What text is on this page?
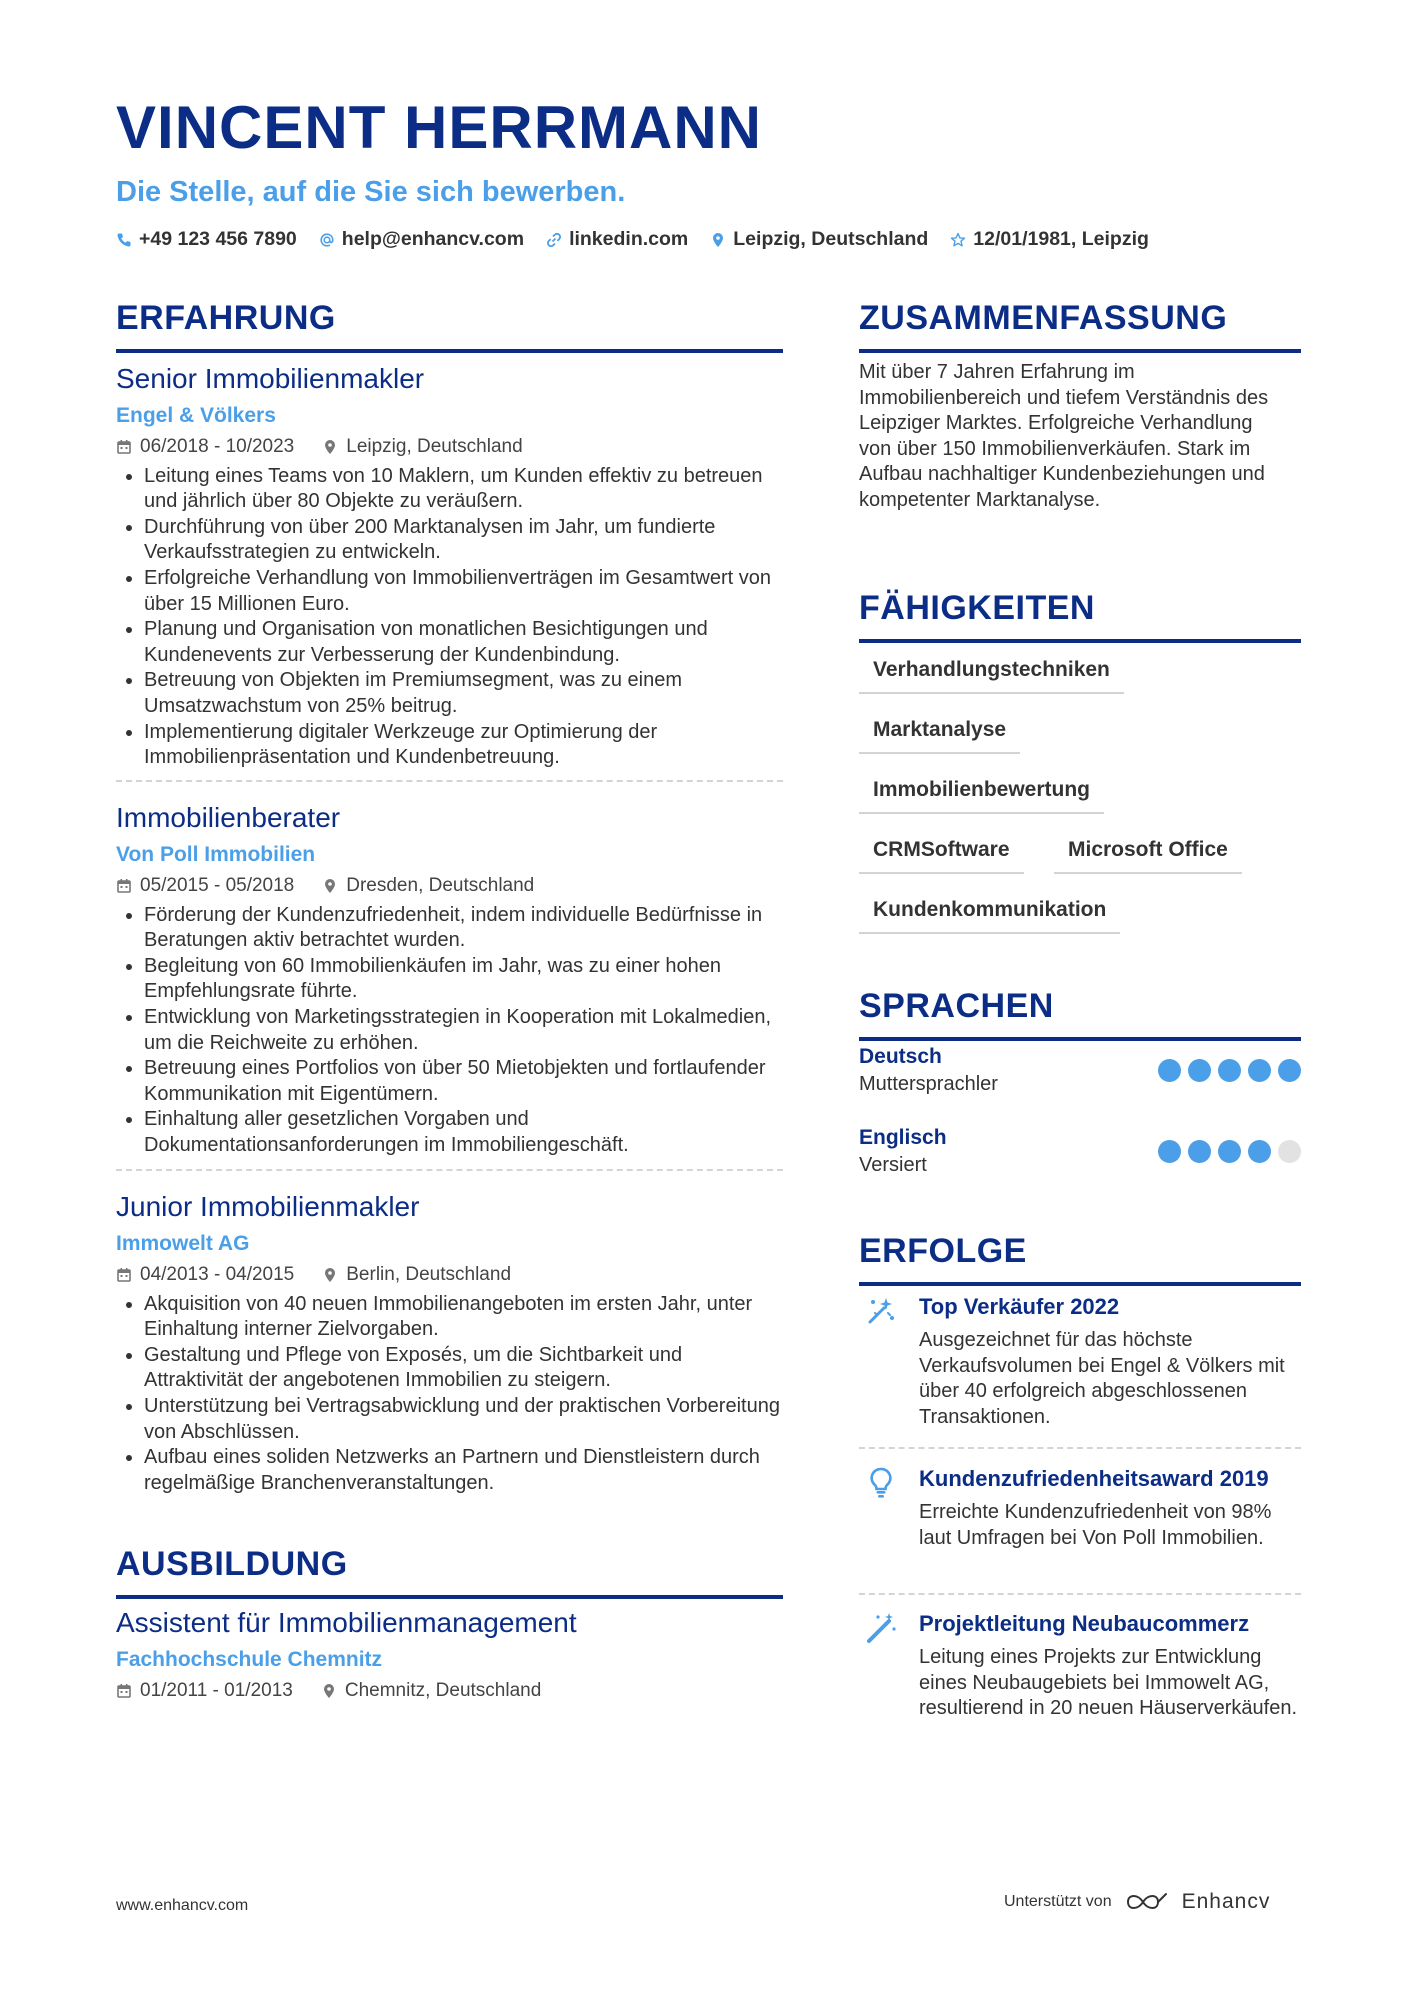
VINCENT HERRMANN
Die Stelle, auf die Sie sich bewerben.
+49 123 456 7890 help@enhancv.com linkedin.com Leipzig, Deutschland 12/01/1981, Leipzig
ERFAHRUNG
Senior Immobilienmakler
Engel & Völkers
06/2018 - 10/2023	Leipzig, Deutschland
• Leitung eines Teams von 10 Maklern, um Kunden effektiv zu betreuen und jährlich über 80 Objekte zu veräußern.
• Durchführung von über 200 Marktanalysen im Jahr, um fundierte Verkaufsstrategien zu entwickeln.
• Erfolgreiche Verhandlung von Immobilienverträgen im Gesamtwert von über 15 Millionen Euro.
• Planung und Organisation von monatlichen Besichtigungen und Kundenevents zur Verbesserung der Kundenbindung.
• Betreuung von Objekten im Premiumsegment, was zu einem Umsatzwachstum von 25% beitrug.
• Implementierung digitaler Werkzeuge zur Optimierung der Immobilienpräsentation und Kundenbetreuung.
Immobilienberater
Von Poll Immobilien
05/2015 - 05/2018	Dresden, Deutschland
• Förderung der Kundenzufriedenheit, indem individuelle Bedürfnisse in Beratungen aktiv betrachtet wurden.
• Begleitung von 60 Immobilienkäufen im Jahr, was zu einer hohen Empfehlungsrate führte.
• Entwicklung von Marketingsstrategien in Kooperation mit Lokalmedien, um die Reichweite zu erhöhen.
• Betreuung eines Portfolios von über 50 Mietobjekten und fortlaufender Kommunikation mit Eigentümern.
• Einhaltung aller gesetzlichen Vorgaben und Dokumentationsanforderungen im Immobiliengeschäft.
Junior Immobilienmakler
Immowelt AG
04/2013 - 04/2015	Berlin, Deutschland
• Akquisition von 40 neuen Immobilienangeboten im ersten Jahr, unter Einhaltung interner Zielvorgaben.
• Gestaltung und Pflege von Exposés, um die Sichtbarkeit und Attraktivität der angebotenen Immobilien zu steigern.
• Unterstützung bei Vertragsabwicklung und der praktischen Vorbereitung von Abschlüssen.
• Aufbau eines soliden Netzwerks an Partnern und Dienstleistern durch regelmäßige Branchenveranstaltungen.
AUSBILDUNG
Assistent für Immobilienmanagement
Fachhochschule Chemnitz
01/2011 - 01/2013	Chemnitz, Deutschland
ZUSAMMENFASSUNG
Mit über 7 Jahren Erfahrung im Immobilienbereich und tiefem Verständnis des Leipziger Marktes. Erfolgreiche Verhandlung von über 150 Immobilienverkäufen. Stark im Aufbau nachhaltiger Kundenbeziehungen und kompetenter Marktanalyse.
FÄHIGKEITEN
Verhandlungstechniken
Marktanalyse
Immobilienbewertung
CRMSoftware	Microsoft Office
Kundenkommunikation
SPRACHEN
Deutsch
Muttersprachler
Englisch
Versiert
ERFOLGE
Top Verkäufer 2022
Ausgezeichnet für das höchste Verkaufsvolumen bei Engel & Völkers mit über 40 erfolgreich abgeschlossenen Transaktionen.
Kundenzufriedenheitsaward 2019
Erreichte Kundenzufriedenheit von 98% laut Umfragen bei Von Poll Immobilien.
Projektleitung Neubaucommerz
Leitung eines Projekts zur Entwicklung eines Neubaugebiets bei Immowelt AG, resultierend in 20 neuen Häuserverkäufen.
www.enhancv.com	Unterstützt von	Enhancv
